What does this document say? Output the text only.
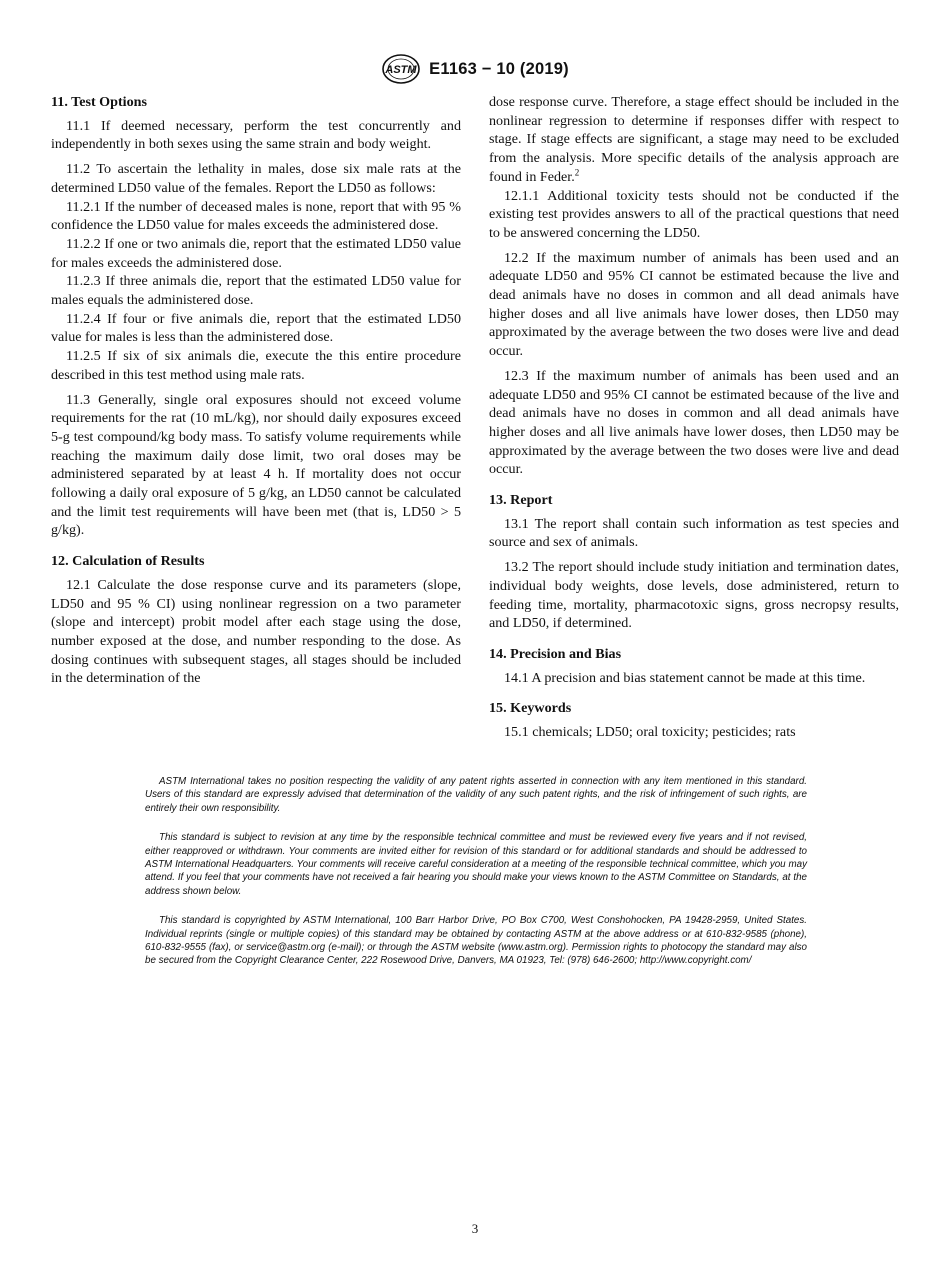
ASTM E1163 − 10 (2019)
11. Test Options

11.1 If deemed necessary, perform the test concurrently and independently in both sexes using the same strain and body weight.

11.2 To ascertain the lethality in males, dose six male rats at the determined LD50 value of the females. Report the LD50 as follows:

11.2.1 If the number of deceased males is none, report that with 95 % confidence the LD50 value for males exceeds the administered dose.

11.2.2 If one or two animals die, report that the estimated LD50 value for males exceeds the administered dose.

11.2.3 If three animals die, report that the estimated LD50 value for males equals the administered dose.

11.2.4 If four or five animals die, report that the estimated LD50 value for males is less than the administered dose.

11.2.5 If six of six animals die, execute the this entire procedure described in this test method using male rats.

11.3 Generally, single oral exposures should not exceed volume requirements for the rat (10 mL/kg), nor should daily exposures exceed 5-g test compound/kg body mass. To satisfy volume requirements while reaching the maximum daily dose limit, two oral doses may be administered separated by at least 4 h. If mortality does not occur following a daily oral exposure of 5 g/kg, an LD50 cannot be calculated and the limit test requirements will have been met (that is, LD50 > 5 g/kg).

12. Calculation of Results

12.1 Calculate the dose response curve and its parameters (slope, LD50 and 95 % CI) using nonlinear regression on a two parameter (slope and intercept) probit model after each stage using the dose, number exposed at the dose, and number responding to the dose. As dosing continues with subsequent stages, all stages should be included in the determination of the

dose response curve. Therefore, a stage effect should be included in the nonlinear regression to determine if responses differ with respect to stage. If stage effects are significant, a stage may need to be excluded from the analysis. More specific details of the analysis approach are found in Feder.$^2$

12.1.1 Additional toxicity tests should not be conducted if the existing test provides answers to all of the practical questions that need to be answered concerning the LD50.

12.2 If the maximum number of animals has been used and an adequate LD50 and 95% CI cannot be estimated because the live and dead animals have no doses in common and all dead animals have higher doses and all live animals have lower doses, then LD50 may approximated by the average between the two doses were live and dead occur.

12.3 If the maximum number of animals has been used and an adequate LD50 and 95% CI cannot be estimated because of the live and dead animals have no doses in common and all dead animals have higher doses and all live animals have lower doses, then LD50 may be approximated by the average between the two doses were live and dead occur.

13. Report

13.1 The report shall contain such information as test species and source and sex of animals.

13.2 The report should include study initiation and termination dates, individual body weights, dose levels, dose administered, return to feeding time, mortality, pharmacotoxic signs, gross necropsy results, and LD50, if determined.

14. Precision and Bias

14.1 A precision and bias statement cannot be made at this time.

15. Keywords

15.1 chemicals; LD50; oral toxicity; pesticides; rats

ASTM International takes no position respecting the validity of any patent rights asserted in connection with any item mentioned in this standard. Users of this standard are expressly advised that determination of the validity of any such patent rights, and the risk of infringement of such rights, are entirely their own responsibility.

This standard is subject to revision at any time by the responsible technical committee and must be reviewed every five years and if not revised, either reapproved or withdrawn. Your comments are invited either for revision of this standard or for additional standards and should be addressed to ASTM International Headquarters. Your comments will receive careful consideration at a meeting of the responsible technical committee, which you may attend. If you feel that your comments have not received a fair hearing you should make your views known to the ASTM Committee on Standards, at the address shown below.

This standard is copyrighted by ASTM International, 100 Barr Harbor Drive, PO Box C700, West Conshohocken, PA 19428-2959, United States. Individual reprints (single or multiple copies) of this standard may be obtained by contacting ASTM at the above address or at 610-832-9585 (phone), 610-832-9555 (fax), or service@astm.org (e-mail); or through the ASTM website (www.astm.org). Permission rights to photocopy the standard may also be secured from the Copyright Clearance Center, 222 Rosewood Drive, Danvers, MA 01923, Tel: (978) 646-2600; http://www.copyright.com/

3
